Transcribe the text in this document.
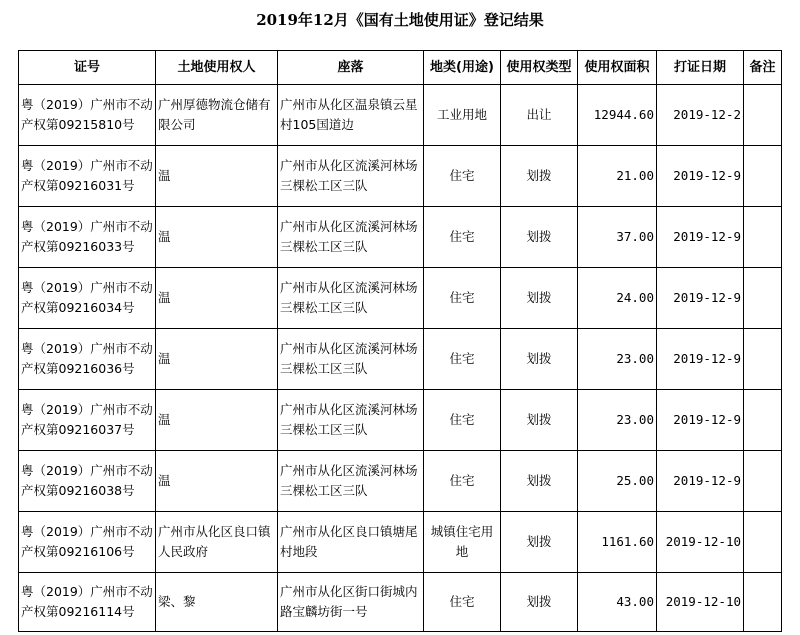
2019年12月《国有土地使用证》登记结果
证号	土地使用权人	座落	地类(用途)	使用权类型	使用权面积	打证日期	备注
粤（2019）广州市不动产权第09215810号	广州厚德物流仓储有限公司	广州市从化区温泉镇云星村105国道边	工业用地	出让	12944.60	2019-12-2	
粤（2019）广州市不动产权第09216031号	温	广州市从化区流溪河林场三棵松工区三队	住宅	划拨	21.00	2019-12-9	
粤（2019）广州市不动产权第09216033号	温	广州市从化区流溪河林场三棵松工区三队	住宅	划拨	37.00	2019-12-9	
粤（2019）广州市不动产权第09216034号	温	广州市从化区流溪河林场三棵松工区三队	住宅	划拨	24.00	2019-12-9	
粤（2019）广州市不动产权第09216036号	温	广州市从化区流溪河林场三棵松工区三队	住宅	划拨	23.00	2019-12-9	
粤（2019）广州市不动产权第09216037号	温	广州市从化区流溪河林场三棵松工区三队	住宅	划拨	23.00	2019-12-9	
粤（2019）广州市不动产权第09216038号	温	广州市从化区流溪河林场三棵松工区三队	住宅	划拨	25.00	2019-12-9	
粤（2019）广州市不动产权第09216106号	广州市从化区良口镇人民政府	广州市从化区良口镇塘尾村地段	城镇住宅用地	划拨	1161.60	2019-12-10	
粤（2019）广州市不动产权第09216114号	梁、黎	广州市从化区街口街城内路宝麟坊街一号	住宅	划拨	43.00	2019-12-10	
